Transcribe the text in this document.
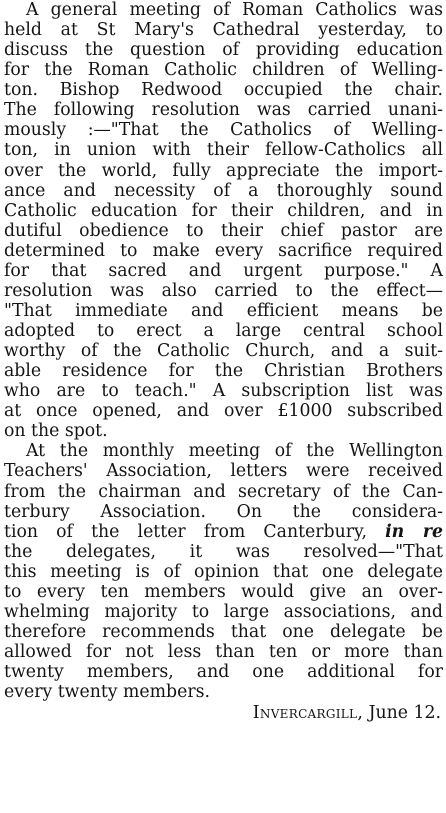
A general meeting of Roman Catholics was
held at St Mary's Cathedral yesterday, to
discuss the question of providing education
for the Roman Catholic children of Welling-
ton. Bishop Redwood occupied the chair.
The following resolution was carried unani-
mously :—"That the Catholics of Welling-
ton, in union with their fellow-Catholics all
over the world, fully appreciate the import-
ance and necessity of a thoroughly sound
Catholic education for their children, and in
dutiful obedience to their chief pastor are
determined to make every sacrifice required
for that sacred and urgent purpose." A
resolution was also carried to the effect—
"That immediate and efficient means be
adopted to erect a large central school
worthy of the Catholic Church, and a suit-
able residence for the Christian Brothers
who are to teach." A subscription list was
at once opened, and over £1000 subscribed
on the spot.
At the monthly meeting of the Wellington
Teachers' Association, letters were received
from the chairman and secretary of the Can-
terbury Association. On the considera-
tion of the letter from Canterbury, in re
the delegates, it was resolved—"That
this meeting is of opinion that one delegate
to every ten members would give an over-
whelming majority to large associations, and
therefore recommends that one delegate be
allowed for not less than ten or more than
twenty members, and one additional for
every twenty members.
Invercargill, June 12.
